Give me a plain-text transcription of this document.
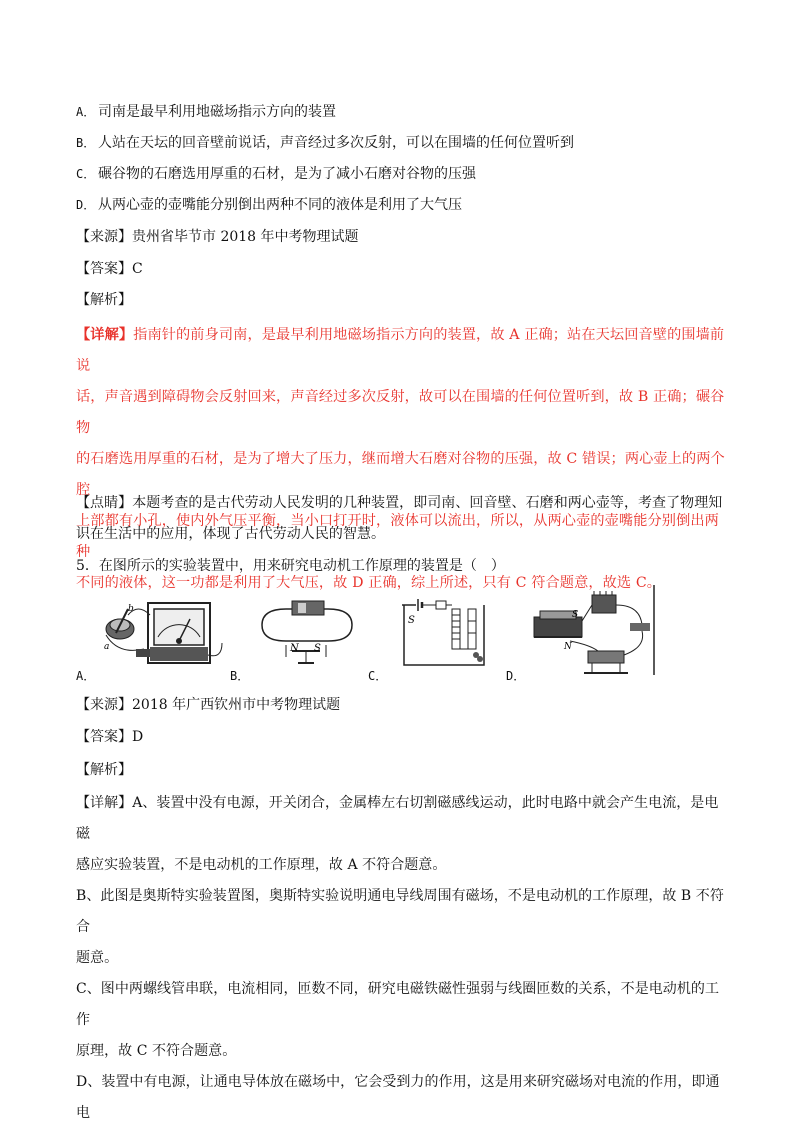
A． 司南是最早利用地磁场指示方向的装置
B． 人站在天坛的回音壁前说话，声音经过多次反射，可以在围墙的任何位置听到
C． 碾谷物的石磨选用厚重的石材，是为了减小石磨对谷物的压强
D． 从两心壶的壶嘴能分别倒出两种不同的液体是利用了大气压
【来源】贵州省毕节市 2018 年中考物理试题
【答案】C
【解析】
【详解】指南针的前身司南，是最早利用地磁场指示方向的装置，故 A 正确；站在天坛回音壁的围墙前说
话，声音遇到障碍物会反射回来，声音经过多次反射，故可以在围墙的任何位置听到，故 B 正确；碾谷物
的石磨选用厚重的石材，是为了增大了压力，继而增大石磨对谷物的压强，故 C 错误；两心壶上的两个腔
上部都有小孔，使内外气压平衡，当小口打开时，液体可以流出，所以，从两心壶的壶嘴能分别倒出两种
不同的液体，这一功都是利用了大气压，故 D 正确，综上所述，只有 C 符合题意，故选 C。
【点睛】本题考查的是古代劳动人民发明的几种装置，即司南、回音壁、石磨和两心壶等，考查了物理知
识在生活中的应用，体现了古代劳动人民的智慧。
5．在图所示的实验装置中，用来研究电动机工作原理的装置是（　）
b
a
A．
N S
B．
S
C．
S
N
D．
【来源】2018 年广西钦州市中考物理试题
【答案】D
【解析】
【详解】A、装置中没有电源，开关闭合，金属棒左右切割磁感线运动，此时电路中就会产生电流，是电磁
感应实验装置，不是电动机的工作原理，故 A 不符合题意。
B、此图是奥斯特实验装置图，奥斯特实验说明通电导线周围有磁场，不是电动机的工作原理，故 B 不符合
题意。
C、图中两螺线管串联，电流相同，匝数不同，研究电磁铁磁性强弱与线圈匝数的关系，不是电动机的工作
原理，故 C 不符合题意。
D、装置中有电源，让通电导体放在磁场中，它会受到力的作用，这是用来研究磁场对电流的作用，即通电
